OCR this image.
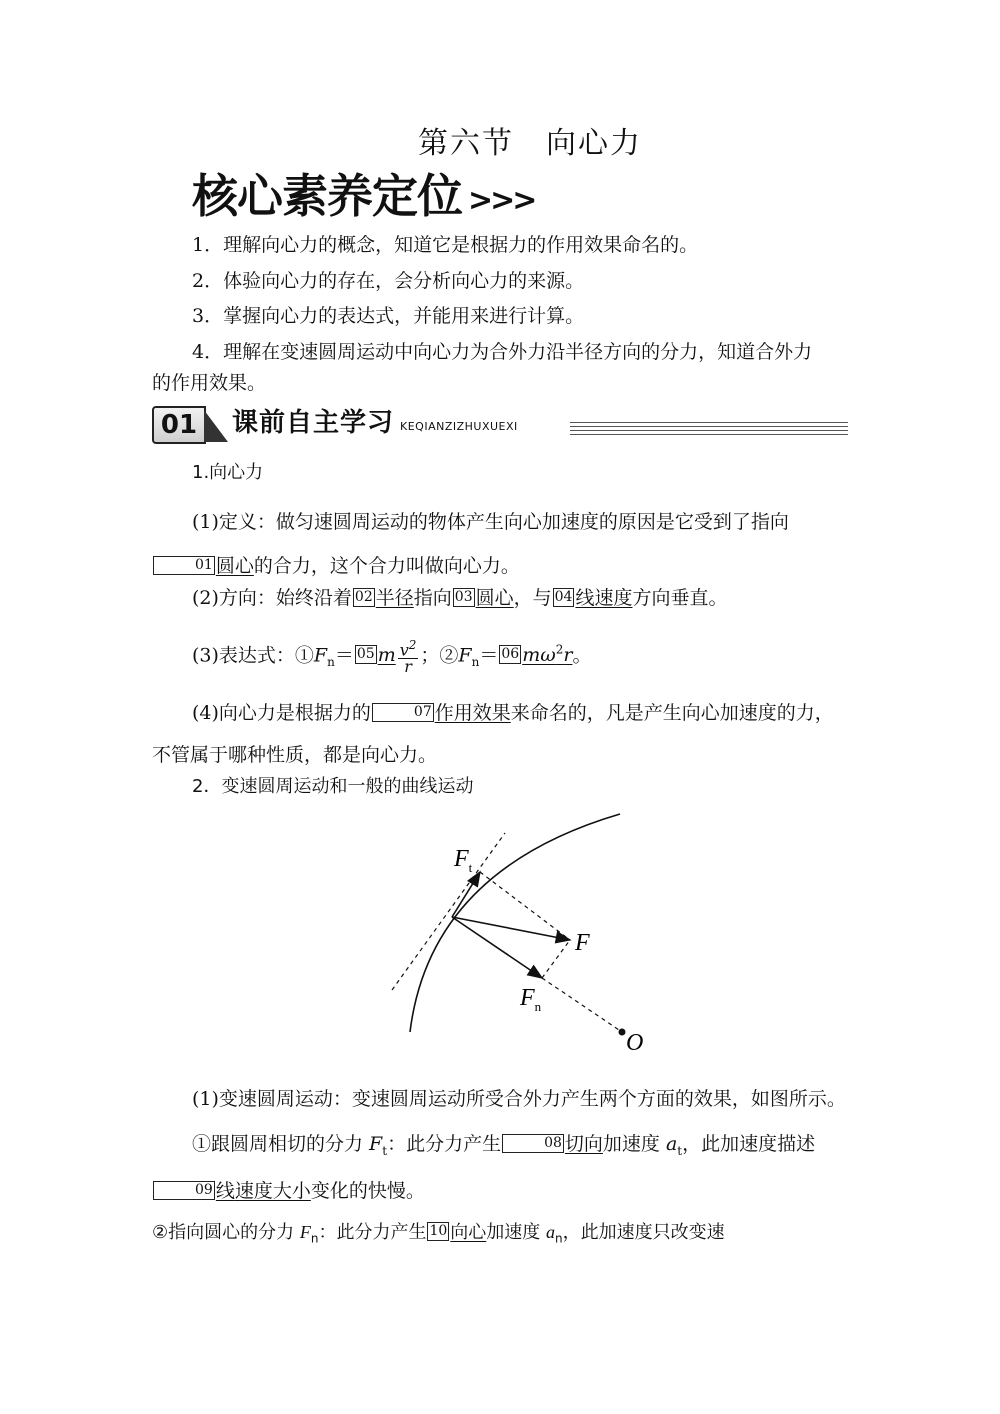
第六节　向心力
核心素养定位 >>>
1．理解向心力的概念，知道它是根据力的作用效果命名的。
2．体验向心力的存在，会分析向心力的来源。
3．掌握向心力的表达式，并能用来进行计算。
4．理解在变速圆周运动中向心力为合外力沿半径方向的分力，知道合外力
的作用效果。
01	课前自主学习 KEQIANZIZHUXUEXI
1.向心力
(1)定义：做匀速圆周运动的物体产生向心加速度的原因是它受到了指向01 圆心的合力，这个合力叫做向心力。
(2)方向：始终沿着 02 半径指向 03 圆心，与 04 线速度方向垂直。
(3)表达式：$①F_n= 05$ m $\frac{v^2}{r}$ ；$②F_n= 06$ $m\omega^2r$。
(4)向心力是根据力的	07 作用效果来命名的，凡是产生向心加速度的力，不管属于哪种性质，都是向心力。
2．变速圆周运动和一般的曲线运动
$F_t$
F
$F_n$
O
(1)变速圆周运动：变速圆周运动所受合外力产生两个方面的效果，如图所示。
①跟圆周相切的分力 $F_t$：此分力产生	08 切向加速度 $a_t$，此加速度描述09 线速度大小变化的快慢。
②指向圆心的分力 $F_n$：此分力产生 10 向心加速度 $a_n$，此加速度只改变速
